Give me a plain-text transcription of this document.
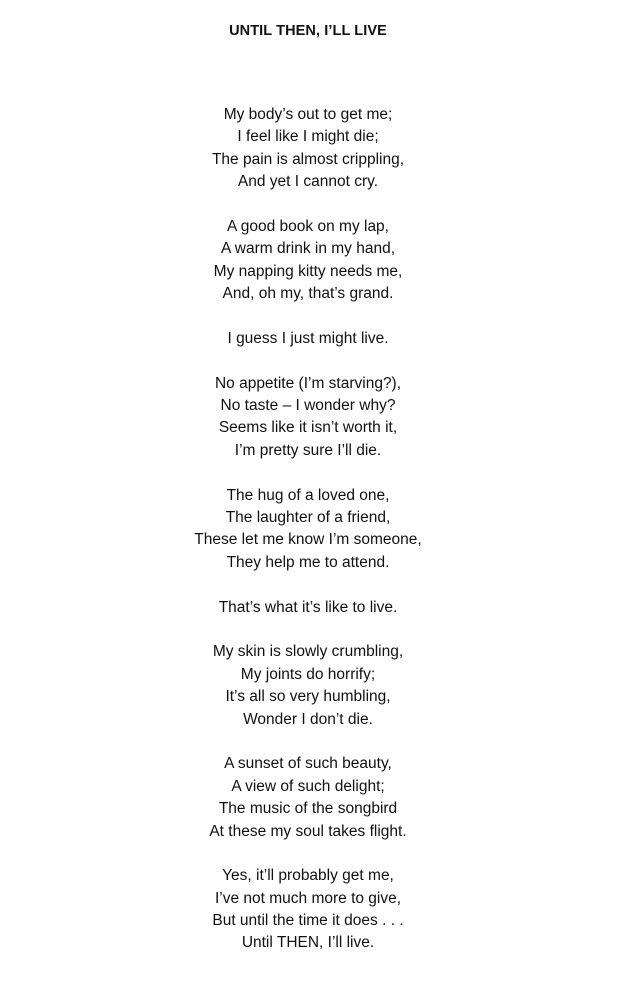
UNTIL THEN, I’LL LIVE
My body’s out to get me;
I feel like I might die;
The pain is almost crippling,
And yet I cannot cry.
A good book on my lap,
A warm drink in my hand,
My napping kitty needs me,
And, oh my, that’s grand.
I guess I just might live.
No appetite (I’m starving?),
No taste – I wonder why?
Seems like it isn’t worth it,
I’m pretty sure I’ll die.
The hug of a loved one,
The laughter of a friend,
These let me know I’m someone,
They help me to attend.
That’s what it’s like to live.
My skin is slowly crumbling,
My joints do horrify;
It’s all so very humbling,
Wonder I don’t die.
A sunset of such beauty,
A view of such delight;
The music of the songbird
At these my soul takes flight.
Yes, it’ll probably get me,
I’ve not much more to give,
But until the time it does . . .
Until THEN, I’ll live.
